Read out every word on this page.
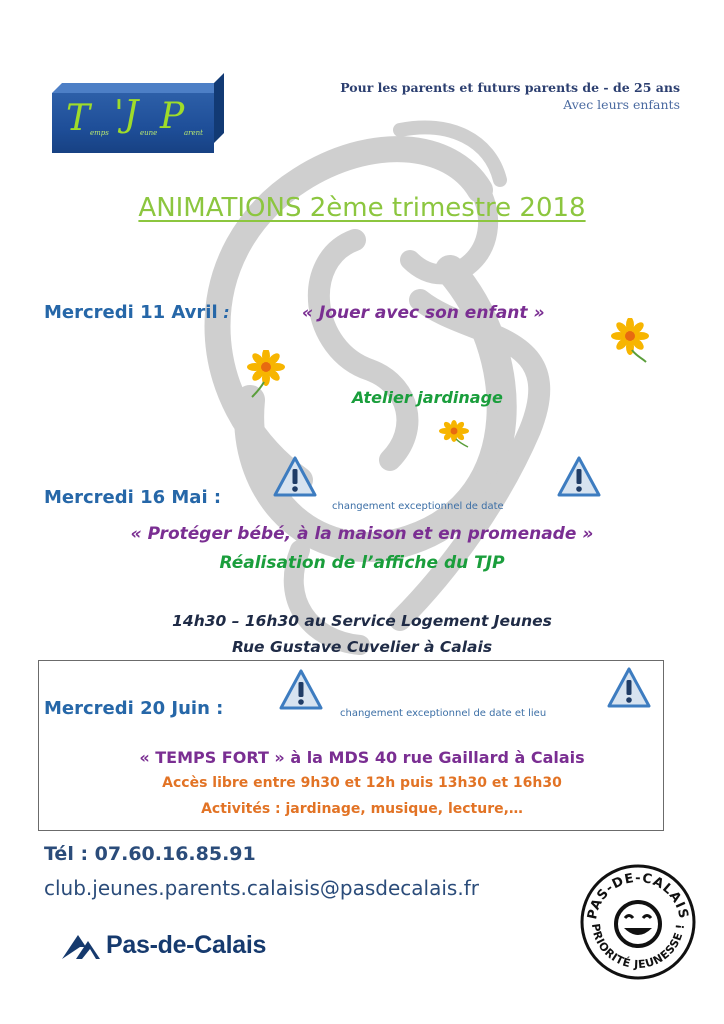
T emps 'J eune P arent
Pour les parents et futurs parents de - de 25 ans
Avec leurs enfants
ANIMATIONS 2ème trimestre 2018
Mercredi 11 Avril :	« Jouer avec son enfant »
Atelier jardinage
Mercredi 16 Mai :	changement exceptionnel de date
« Protéger bébé, à la maison et en promenade »
Réalisation de l’affiche du TJP
14h30 – 16h30 au Service Logement Jeunes
Rue Gustave Cuvelier à Calais
Mercredi 20 Juin :	changement exceptionnel de date et lieu
« TEMPS FORT » à la MDS 40 rue Gaillard à Calais
Accès libre entre 9h30 et 12h puis 13h30 et 16h30
Activités : jardinage, musique, lecture,…
Tél : 07.60.16.85.91
club.jeunes.parents.calaisis@pasdecalais.fr
Pas-de-Calais
PAS-DE-CALAIS
PRIORITÉ JEUNESSE !
